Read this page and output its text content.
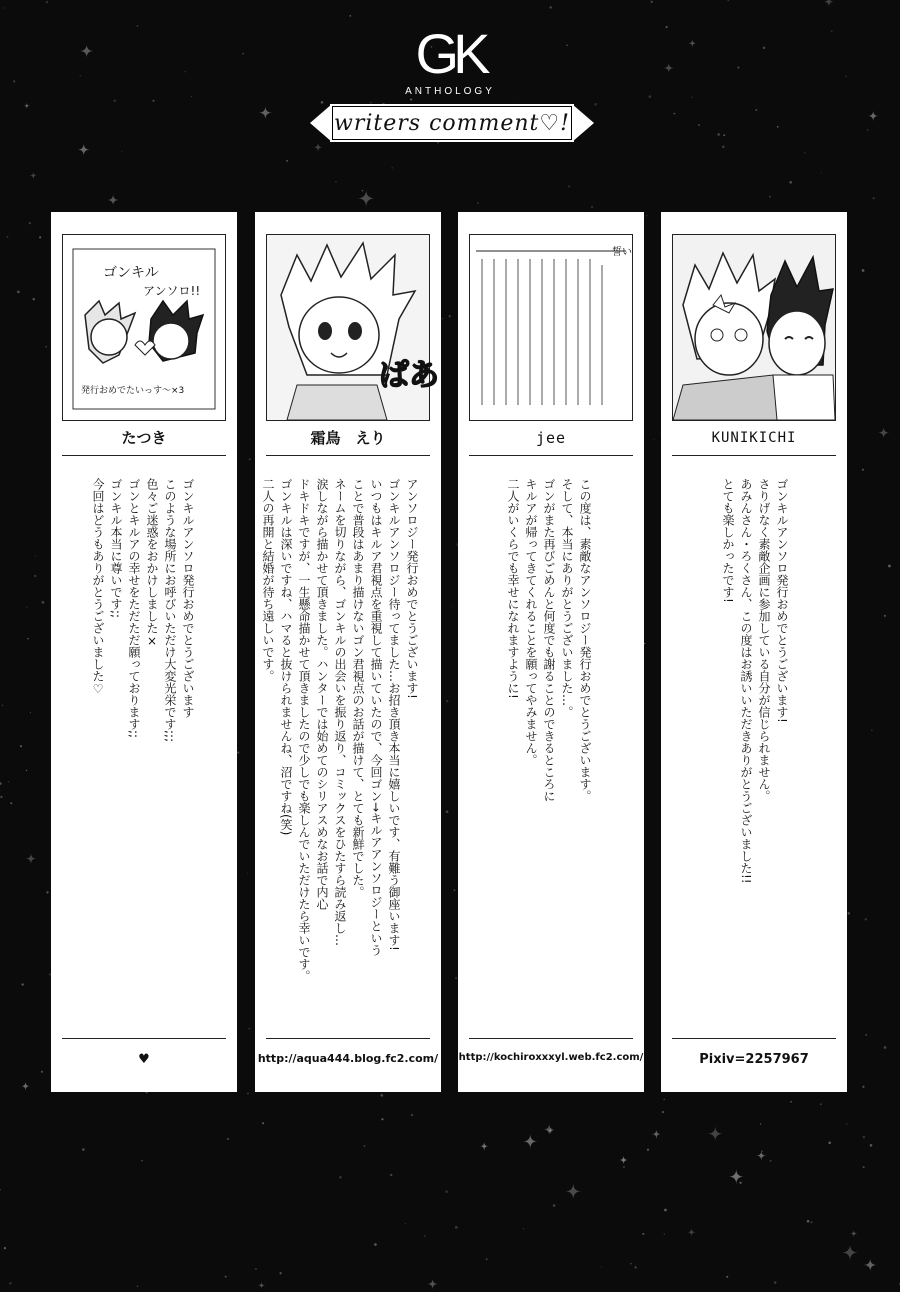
GK
ANTHOLOGY
writers comment♡!
ゴンキル
アンソロ!!
発行おめでたいっす〜×3
たつき
ゴンキルアンソロ発行おめでとうございます
このような場所にお呼びいただけ大変光栄です;;;
色々ご迷惑をおかけしました×
ゴンとキルアの幸せをただただ願っております;;
ゴンキル本当に尊いです;;
今回はどうもありがとうございました♡
♥
ぱあ
霜鳥　えり
アンソロジー発行おめでとうございます!
ゴンキルアンソロジー待ってました…お招き頂き本当に嬉しいです、有難う御座います!
いつもはキルア君視点を重視して描いていたので、今回ゴン→キルアアンソロジーという
ことで普段はあまり描けないゴン君視点のお話が描けて、とても新鮮でした。
ネームを切りながら、ゴンキルの出会いを振り返り、コミックスをひたすら読み返し…
涙しながら描かせて頂きました。ハンターでは始めてのシリアスめなお話で内心
ドキドキですが、一生懸命描かせて頂きましたので少しでも楽しんでいただけたら幸いです。
ゴンキルは深いですね、ハマると抜けられませんね、沼ですね(笑)
二人の再開と結婚が待ち遠しいです。
http://aqua444.blog.fc2.com/
誓い
jee
この度は、素敵なアンソロジー発行おめでとうございます。
そして、本当にありがとうございました…。
ゴンがまた再びごめんと何度でも謝ることのできるところに
キルアが帰ってきてくれることを願ってやみません。
二人がいくらでも幸せになれますように!
http://kochiroxxxyl.web.fc2.com/
KUNIKICHI
ゴンキルアンソロ発行おめでとうございます!
さりげなく素敵企画に参加している自分が信じられません。
あみんさん・ろくさん、この度はお誘いいただきありがとうございました!!
とても楽しかったです!
Pixiv=2257967
